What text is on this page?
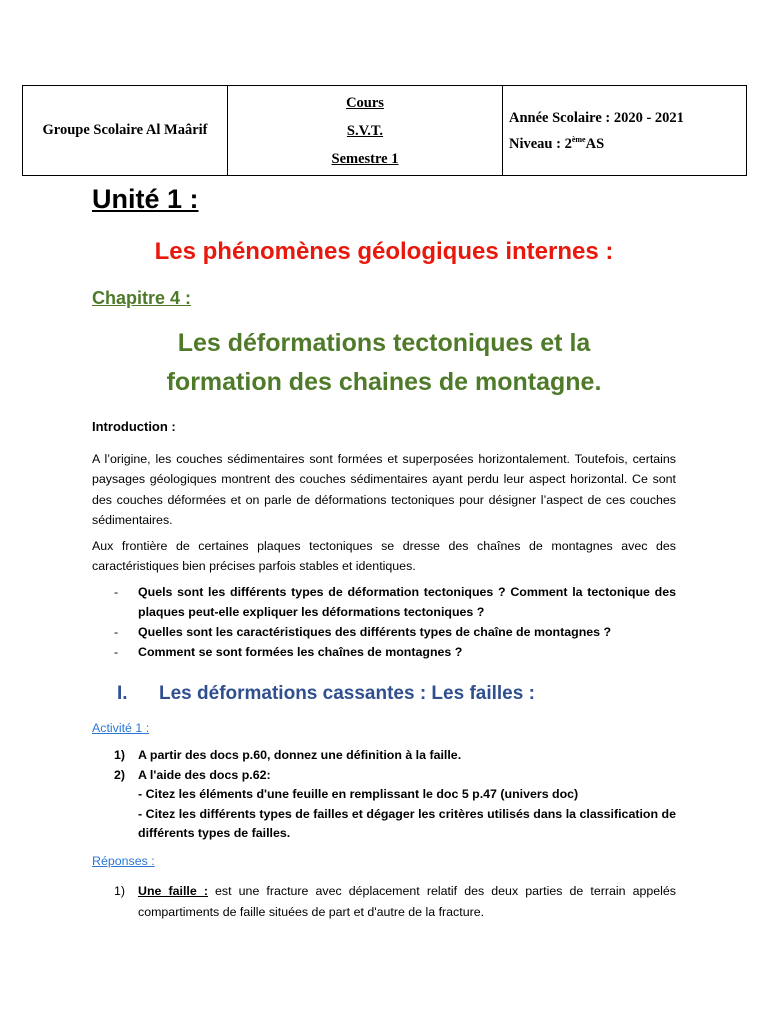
Groupe Scolaire Al Maârif	
Cours
S.V.T.
Semestre 1

Année Scolaire : 2020 - 2021
Niveau : 2èmeAS
Unité 1 :
Les phénomènes géologiques internes :
Chapitre 4 :
Les déformations tectoniques et la
formation des chaines de montagne.

Introduction :

A l’origine, les couches sédimentaires sont formées et superposées horizontalement. Toutefois, certains paysages géologiques montrent des couches sédimentaires ayant perdu leur aspect horizontal. Ce sont des couches déformées et on parle de déformations tectoniques pour désigner l’aspect de ces couches sédimentaires.

Aux frontière de certaines plaques tectoniques se dresse des chaînes de montagnes avec des caractéristiques bien précises parfois stables et identiques.

- Quels sont les différents types de déformation tectoniques ? Comment la tectonique des plaques peut-elle expliquer les déformations tectoniques ?
- Quelles sont les caractéristiques des différents types de chaîne de montagnes ?
- Comment se sont formées les chaînes de montagnes ?
I. Les déformations cassantes : Les failles :

Activité 1 :

1) A partir des docs p.60, donnez une définition à la faille.
2) A l'aide des docs p.62:
- Citez les éléments d'une feuille en remplissant le doc 5 p.47 (univers doc)
- Citez les différents types de failles et dégager les critères utilisés dans la classification de différents types de failles.

Réponses :

1) Une faille : est une fracture avec déplacement relatif des deux parties de terrain appelés compartiments de faille situées de part et d'autre de la fracture.
